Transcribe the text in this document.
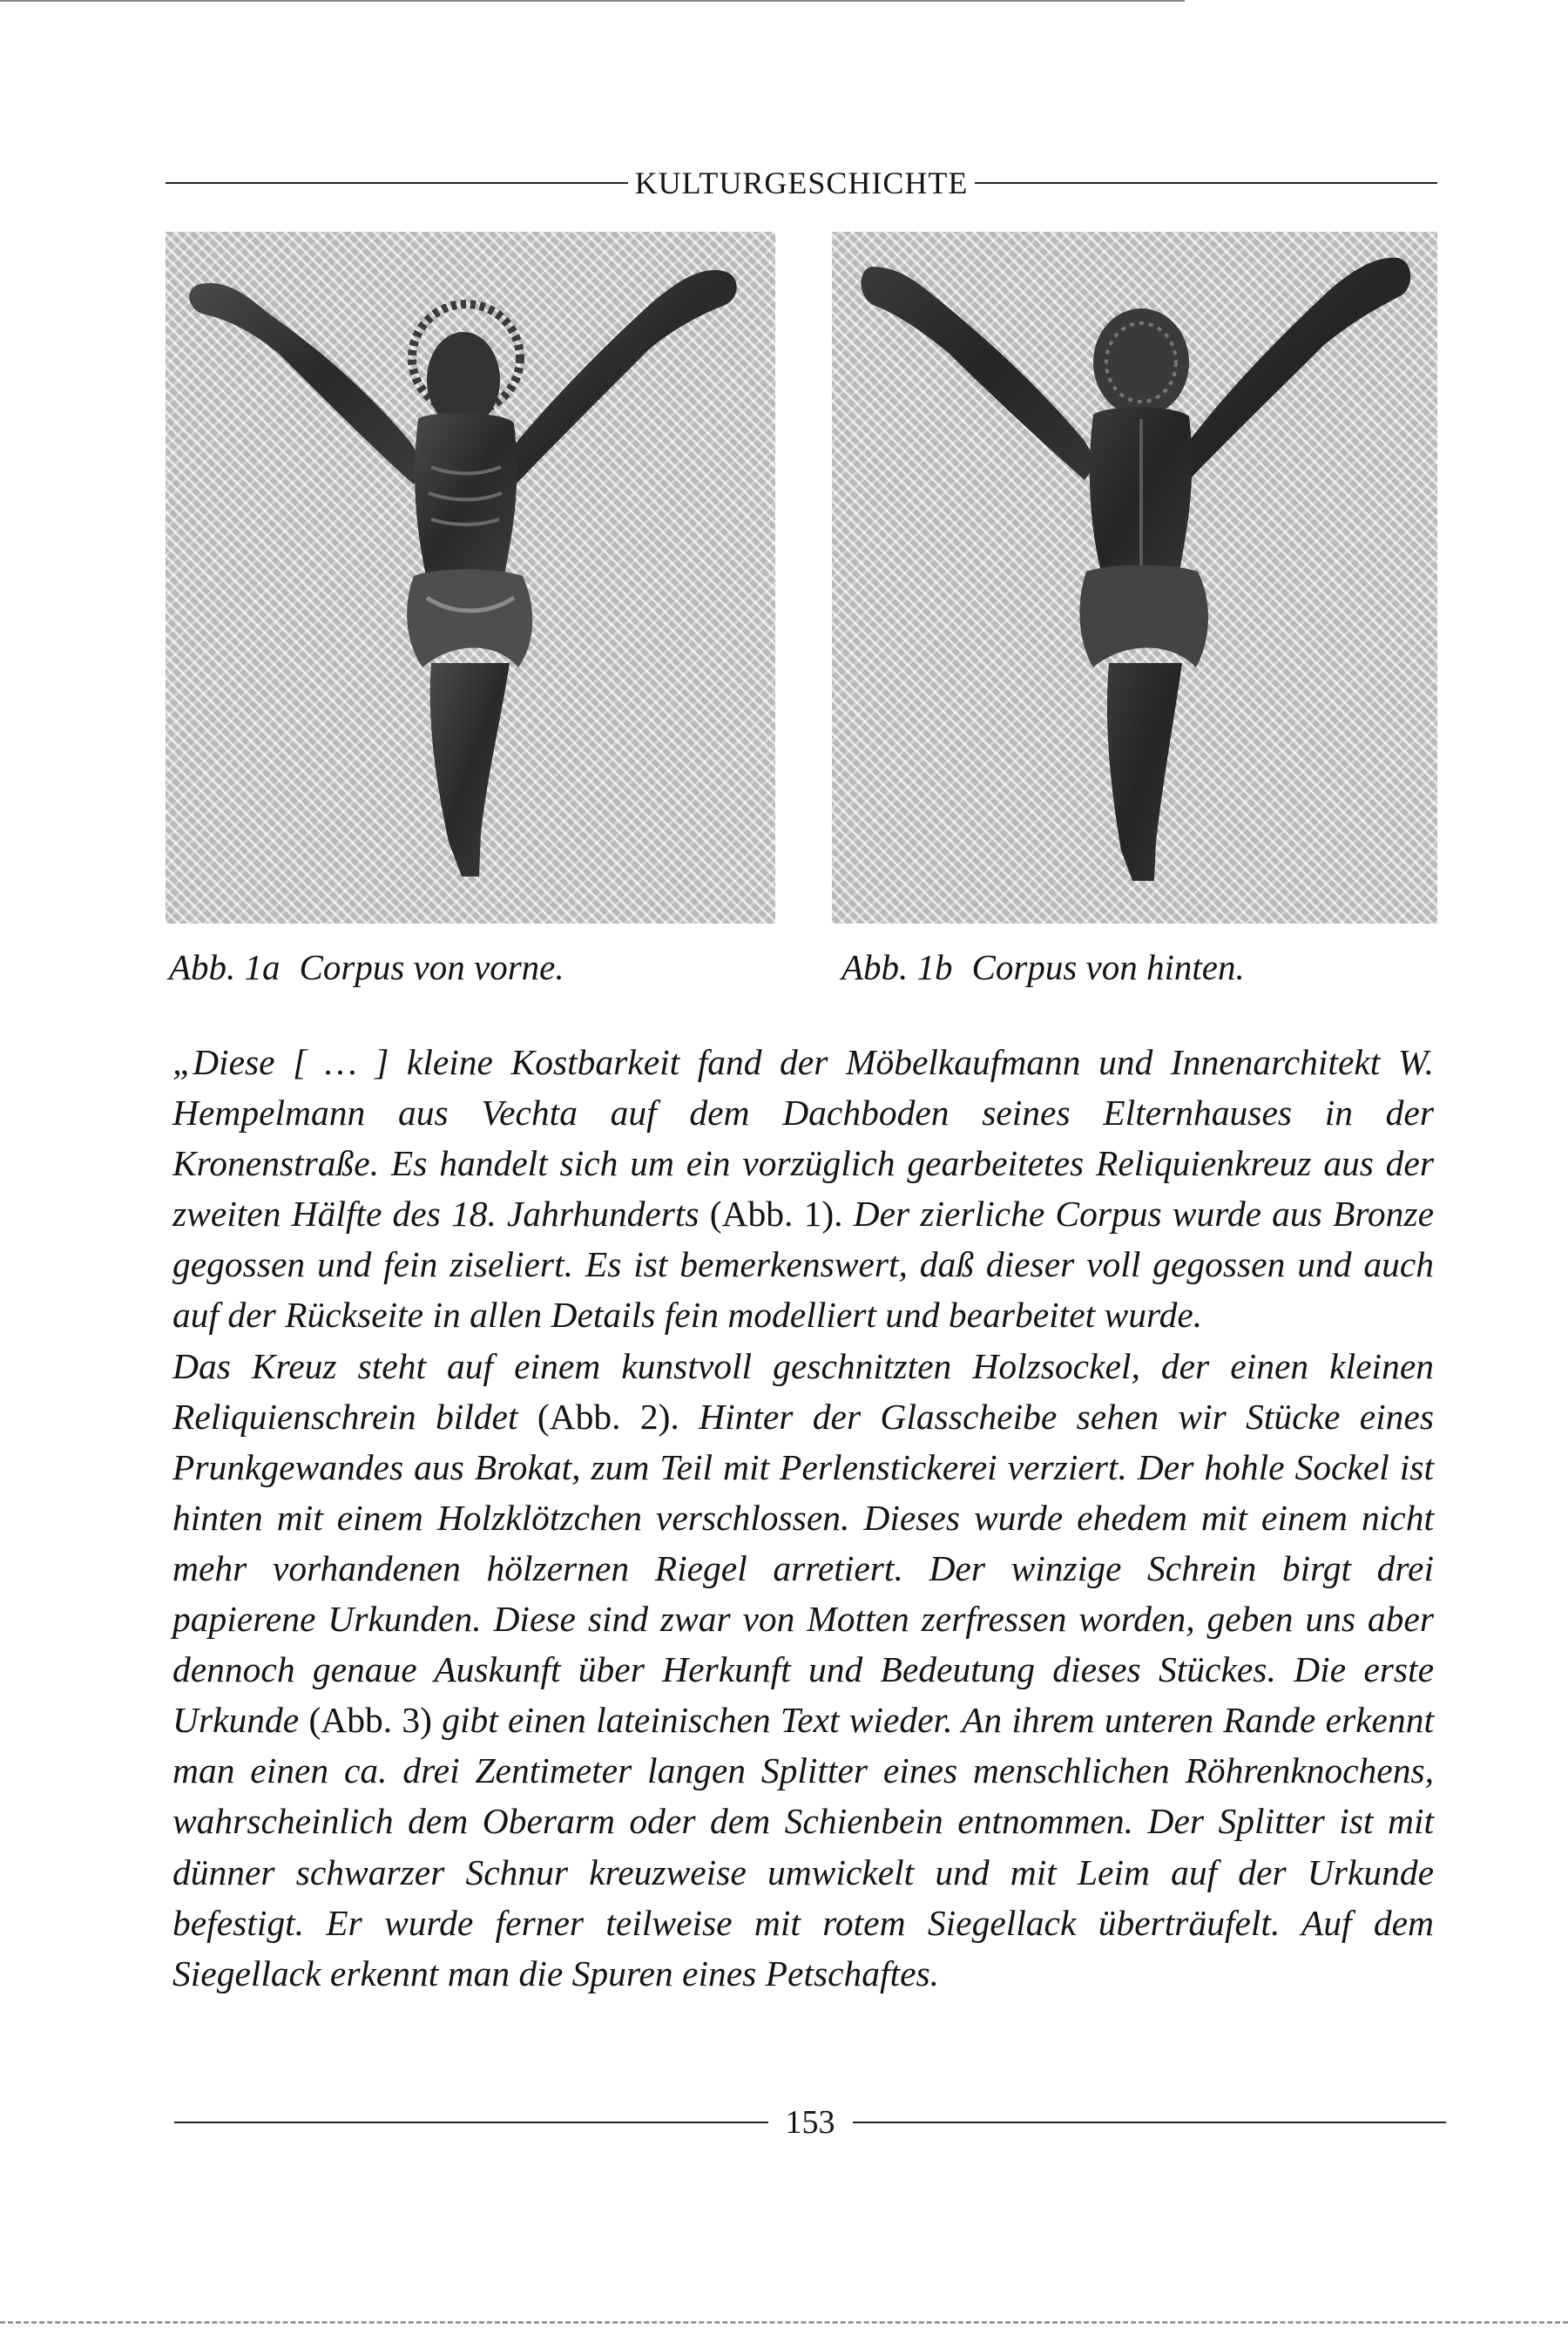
KULTURGESCHICHTE
Abb. 1a Corpus von vorne.	Abb. 1b Corpus von hinten.

„Diese [ … ] kleine Kostbarkeit fand der Möbelkaufmann und Innenarchitekt W. Hempelmann aus Vechta auf dem Dachboden seines Elternhauses in der Kronenstraße. Es handelt sich um ein vorzüglich gearbeitetes Reliquienkreuz aus der zweiten Hälfte des 18. Jahrhunderts (Abb. 1). Der zierliche Corpus wurde aus Bronze gegossen und fein ziseliert. Es ist bemerkenswert, daß dieser voll gegossen und auch auf der Rückseite in allen Details fein modelliert und bearbeitet wurde.

Das Kreuz steht auf einem kunstvoll geschnitzten Holzsockel, der einen kleinen Reliquienschrein bildet (Abb. 2). Hinter der Glasscheibe sehen wir Stücke eines Prunkgewandes aus Brokat, zum Teil mit Perlenstickerei verziert. Der hohle Sockel ist hinten mit einem Holzklötzchen verschlossen. Dieses wurde ehedem mit einem nicht mehr vorhandenen hölzernen Riegel arretiert. Der winzige Schrein birgt drei papierene Urkunden. Diese sind zwar von Motten zerfressen worden, geben uns aber dennoch genaue Auskunft über Herkunft und Bedeutung dieses Stückes. Die erste Urkunde (Abb. 3) gibt einen lateinischen Text wieder. An ihrem unteren Rande erkennt man einen ca. drei Zentimeter langen Splitter eines menschlichen Röhrenknochens, wahrscheinlich dem Oberarm oder dem Schienbein entnommen. Der Splitter ist mit dünner schwarzer Schnur kreuzweise umwickelt und mit Leim auf der Urkunde befestigt. Er wurde ferner teilweise mit rotem Siegellack überträufelt. Auf dem Siegellack erkennt man die Spuren eines Petschaftes.

153
